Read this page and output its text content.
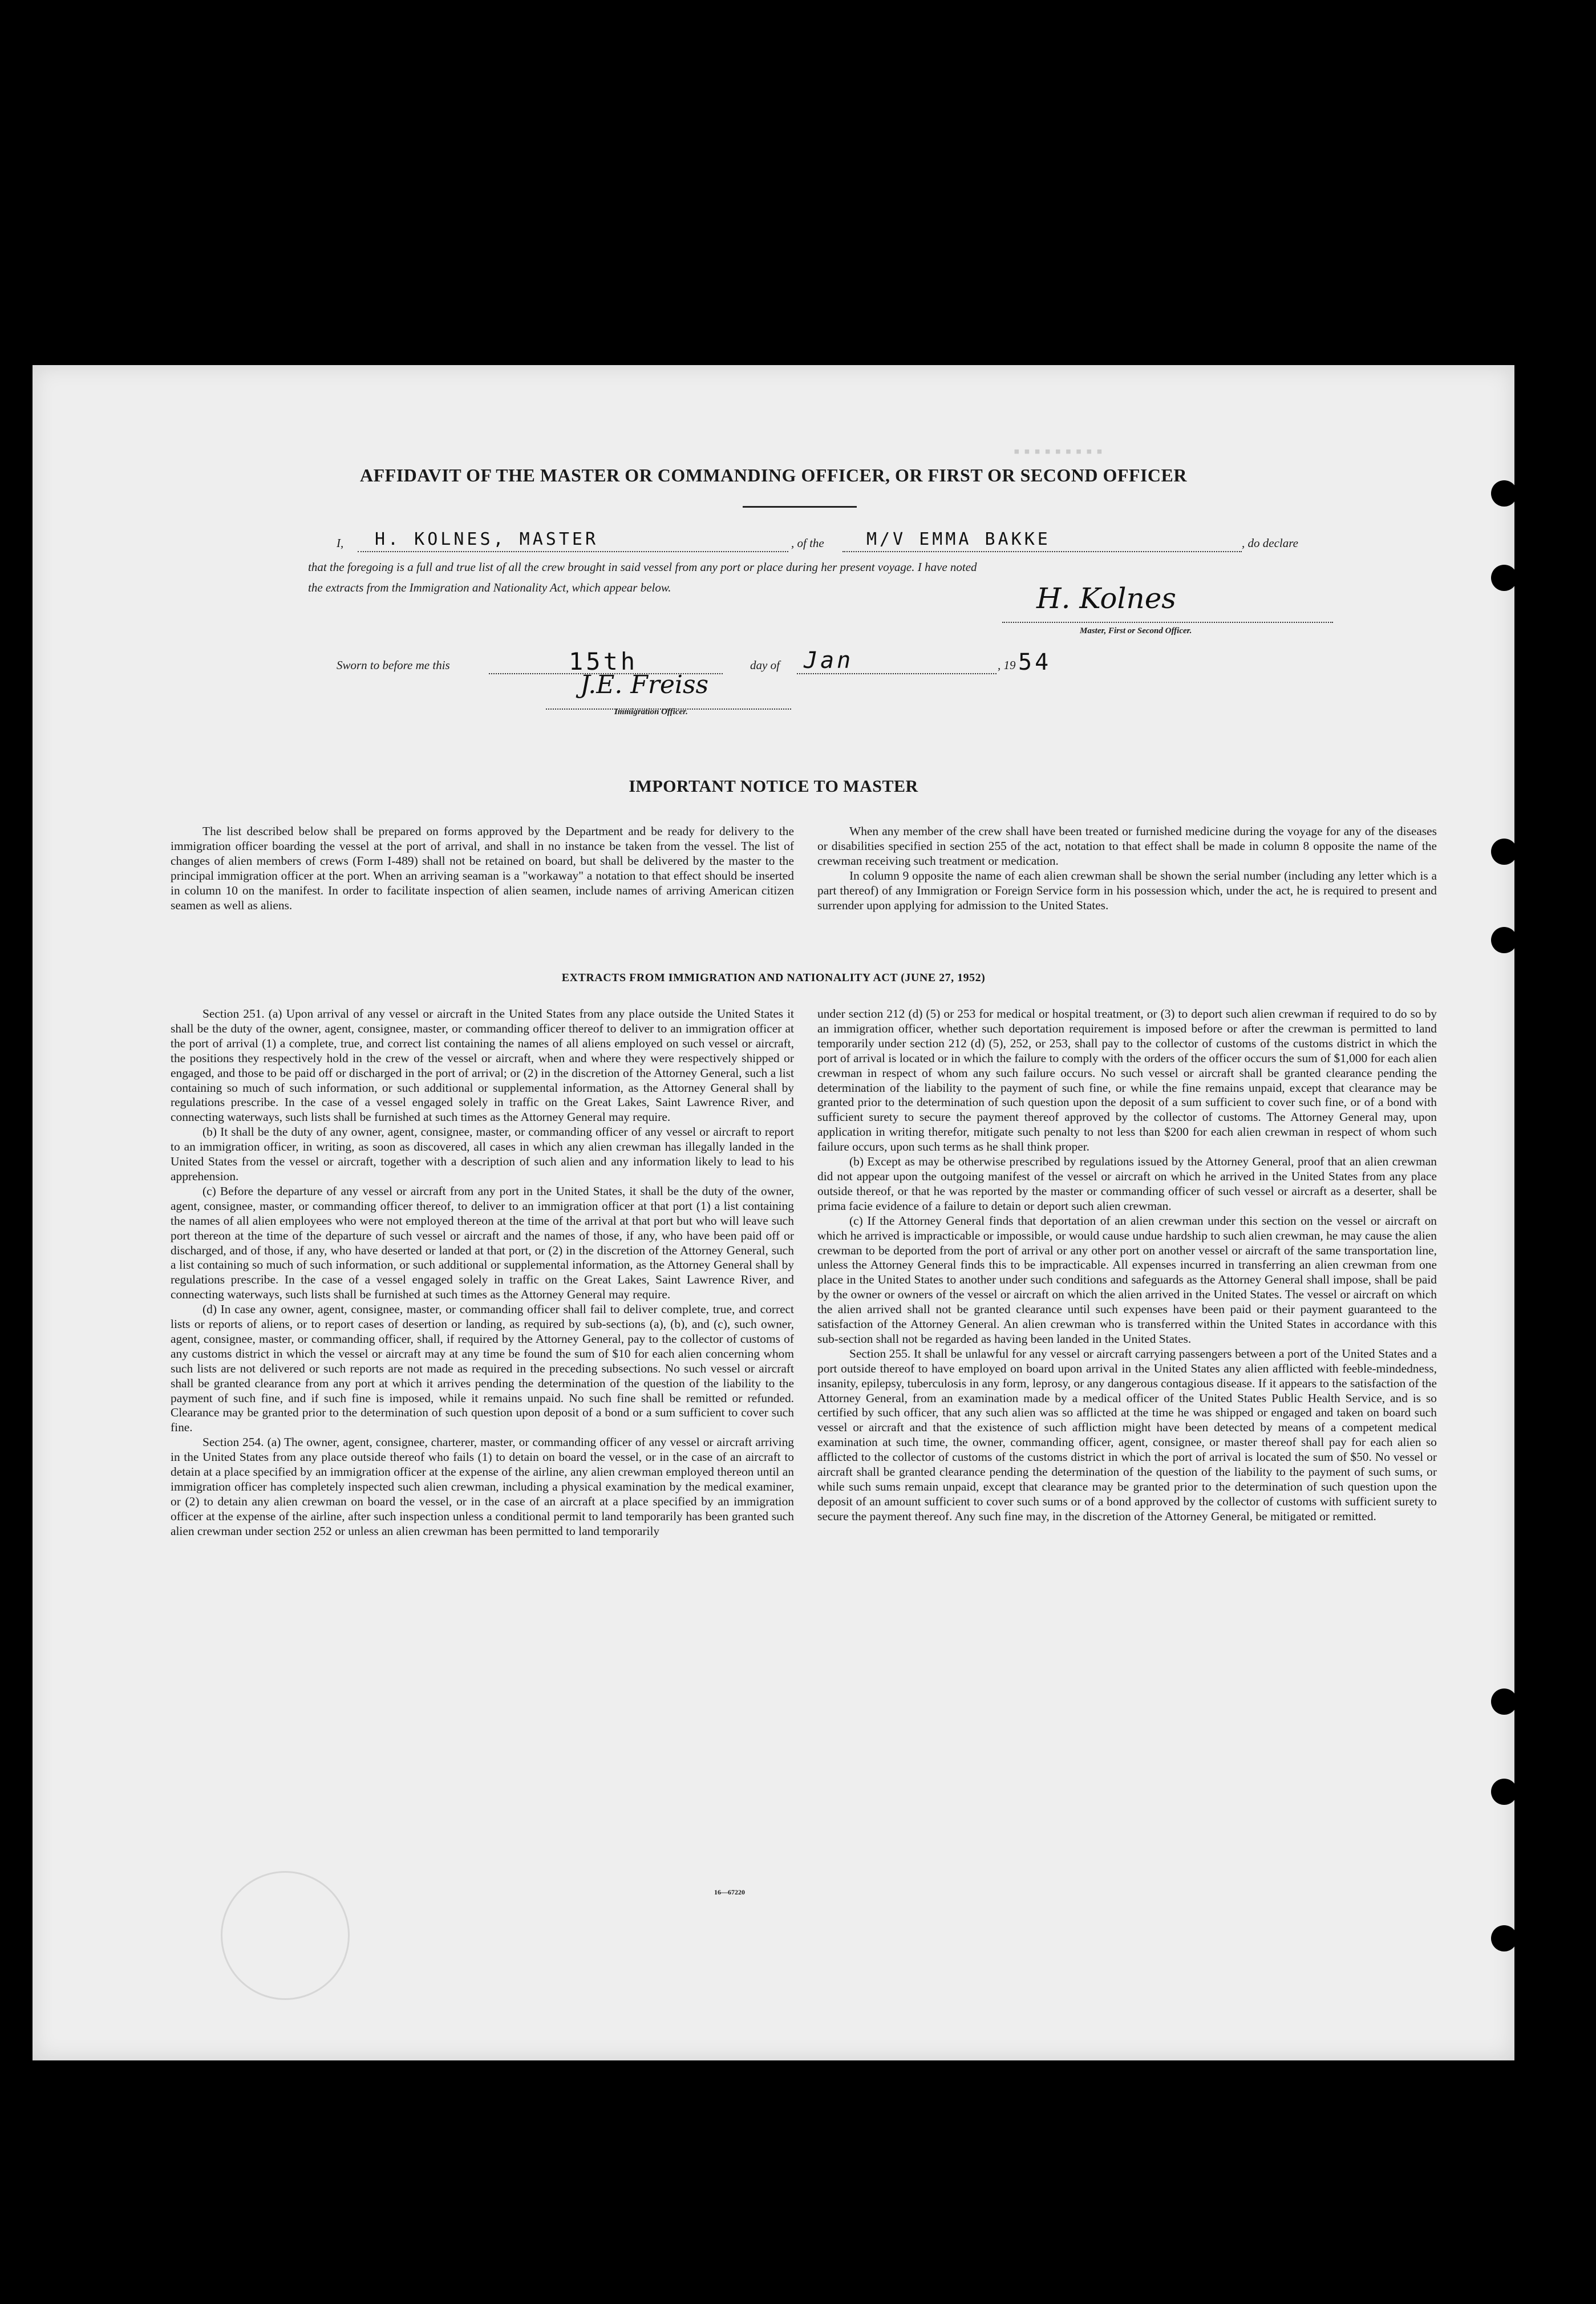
▪ ▪ ▪ ▪ ▪ ▪ ▪ ▪ ▪
AFFIDAVIT OF THE MASTER OR COMMANDING OFFICER, OR FIRST OR SECOND OFFICER
I, H. KOLNES, MASTER	, of the M/V EMMA BAKKE	, do declare
that the foregoing is a full and true list of all the crew brought in said vessel from any port or place during her present voyage. I have noted
the extracts from the Immigration and Nationality Act, which appear below.	H. Kolnes
Master, First or Second Officer.
Sworn to before me this	15th	day of Jan	, 19 54
J.E. Freiss
Immigration Officer.
IMPORTANT NOTICE TO MASTER

The list described below shall be prepared on forms approved by the Department and be ready for delivery to the immigration officer boarding the vessel at the port of arrival, and shall in no instance be taken from the vessel. The list of changes of alien members of crews (Form I-489) shall not be retained on board, but shall be delivered by the master to the principal immigration officer at the port. When an arriving seaman is a "workaway" a notation to that effect should be inserted in column 10 on the manifest. In order to facilitate inspection of alien seamen, include names of arriving American citizen seamen as well as aliens.

When any member of the crew shall have been treated or furnished medicine during the voyage for any of the diseases or disabilities specified in section 255 of the act, notation to that effect shall be made in column 8 opposite the name of the crewman receiving such treatment or medication.

In column 9 opposite the name of each alien crewman shall be shown the serial number (including any letter which is a part thereof) of any Immigration or Foreign Service form in his possession which, under the act, he is required to present and surrender upon applying for admission to the United States.

EXTRACTS FROM IMMIGRATION AND NATIONALITY ACT (JUNE 27, 1952)

Section 251. (a) Upon arrival of any vessel or aircraft in the United States from any place outside the United States it shall be the duty of the owner, agent, consignee, master, or commanding officer thereof to deliver to an immigration officer at the port of arrival (1) a complete, true, and correct list containing the names of all aliens employed on such vessel or aircraft, the positions they respectively hold in the crew of the vessel or aircraft, when and where they were respectively shipped or engaged, and those to be paid off or discharged in the port of arrival; or (2) in the discretion of the Attorney General, such a list containing so much of such information, or such additional or supplemental information, as the Attorney General shall by regulations prescribe. In the case of a vessel engaged solely in traffic on the Great Lakes, Saint Lawrence River, and connecting waterways, such lists shall be furnished at such times as the Attorney General may require.

(b) It shall be the duty of any owner, agent, consignee, master, or commanding officer of any vessel or aircraft to report to an immigration officer, in writing, as soon as discovered, all cases in which any alien crewman has illegally landed in the United States from the vessel or aircraft, together with a description of such alien and any information likely to lead to his apprehension.

(c) Before the departure of any vessel or aircraft from any port in the United States, it shall be the duty of the owner, agent, consignee, master, or commanding officer thereof, to deliver to an immigration officer at that port (1) a list containing the names of all alien employees who were not employed thereon at the time of the arrival at that port but who will leave such port thereon at the time of the departure of such vessel or aircraft and the names of those, if any, who have been paid off or discharged, and of those, if any, who have deserted or landed at that port, or (2) in the discretion of the Attorney General, such a list containing so much of such information, or such additional or supplemental information, as the Attorney General shall by regulations prescribe. In the case of a vessel engaged solely in traffic on the Great Lakes, Saint Lawrence River, and connecting waterways, such lists shall be furnished at such times as the Attorney General may require.

(d) In case any owner, agent, consignee, master, or commanding officer shall fail to deliver complete, true, and correct lists or reports of aliens, or to report cases of desertion or landing, as required by sub-sections (a), (b), and (c), such owner, agent, consignee, master, or commanding officer, shall, if required by the Attorney General, pay to the collector of customs of any customs district in which the vessel or aircraft may at any time be found the sum of $10 for each alien concerning whom such lists are not delivered or such reports are not made as required in the preceding subsections. No such vessel or aircraft shall be granted clearance from any port at which it arrives pending the determination of the question of the liability to the payment of such fine, and if such fine is imposed, while it remains unpaid. No such fine shall be remitted or refunded. Clearance may be granted prior to the determination of such question upon deposit of a bond or a sum sufficient to cover such fine.

Section 254. (a) The owner, agent, consignee, charterer, master, or commanding officer of any vessel or aircraft arriving in the United States from any place outside thereof who fails (1) to detain on board the vessel, or in the case of an aircraft to detain at a place specified by an immigration officer at the expense of the airline, any alien crewman employed thereon until an immigration officer has completely inspected such alien crewman, including a physical examination by the medical examiner, or (2) to detain any alien crewman on board the vessel, or in the case of an aircraft at a place specified by an immigration officer at the expense of the airline, after such inspection unless a conditional permit to land temporarily has been granted such alien crewman under section 252 or unless an alien crewman has been permitted to land temporarily

under section 212 (d) (5) or 253 for medical or hospital treatment, or (3) to deport such alien crewman if required to do so by an immigration officer, whether such deportation requirement is imposed before or after the crewman is permitted to land temporarily under section 212 (d) (5), 252, or 253, shall pay to the collector of customs of the customs district in which the port of arrival is located or in which the failure to comply with the orders of the officer occurs the sum of $1,000 for each alien crewman in respect of whom any such failure occurs. No such vessel or aircraft shall be granted clearance pending the determination of the liability to the payment of such fine, or while the fine remains unpaid, except that clearance may be granted prior to the determination of such question upon the deposit of a sum sufficient to cover such fine, or of a bond with sufficient surety to secure the payment thereof approved by the collector of customs. The Attorney General may, upon application in writing therefor, mitigate such penalty to not less than $200 for each alien crewman in respect of whom such failure occurs, upon such terms as he shall think proper.

(b) Except as may be otherwise prescribed by regulations issued by the Attorney General, proof that an alien crewman did not appear upon the outgoing manifest of the vessel or aircraft on which he arrived in the United States from any place outside thereof, or that he was reported by the master or commanding officer of such vessel or aircraft as a deserter, shall be prima facie evidence of a failure to detain or deport such alien crewman.

(c) If the Attorney General finds that deportation of an alien crewman under this section on the vessel or aircraft on which he arrived is impracticable or impossible, or would cause undue hardship to such alien crewman, he may cause the alien crewman to be deported from the port of arrival or any other port on another vessel or aircraft of the same transportation line, unless the Attorney General finds this to be impracticable. All expenses incurred in transferring an alien crewman from one place in the United States to another under such conditions and safeguards as the Attorney General shall impose, shall be paid by the owner or owners of the vessel or aircraft on which the alien arrived in the United States. The vessel or aircraft on which the alien arrived shall not be granted clearance until such expenses have been paid or their payment guaranteed to the satisfaction of the Attorney General. An alien crewman who is transferred within the United States in accordance with this sub-section shall not be regarded as having been landed in the United States.

Section 255. It shall be unlawful for any vessel or aircraft carrying passengers between a port of the United States and a port outside thereof to have employed on board upon arrival in the United States any alien afflicted with feeble-mindedness, insanity, epilepsy, tuberculosis in any form, leprosy, or any dangerous contagious disease. If it appears to the satisfaction of the Attorney General, from an examination made by a medical officer of the United States Public Health Service, and is so certified by such officer, that any such alien was so afflicted at the time he was shipped or engaged and taken on board such vessel or aircraft and that the existence of such affliction might have been detected by means of a competent medical examination at such time, the owner, commanding officer, agent, consignee, or master thereof shall pay for each alien so afflicted to the collector of customs of the customs district in which the port of arrival is located the sum of $50. No vessel or aircraft shall be granted clearance pending the determination of the question of the liability to the payment of such sums, or while such sums remain unpaid, except that clearance may be granted prior to the determination of such question upon the deposit of an amount sufficient to cover such sums or of a bond approved by the collector of customs with sufficient surety to secure the payment thereof. Any such fine may, in the discretion of the Attorney General, be mitigated or remitted.

16—67220
